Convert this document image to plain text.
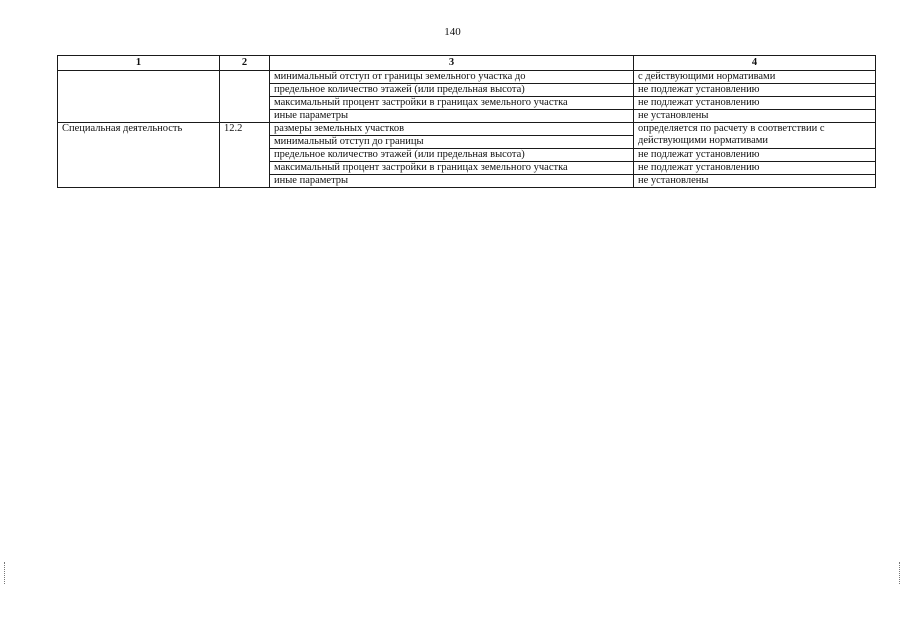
140
1	2	3	4
		минимальный отступ от границы земельного участка до	с действующими нормативами
		предельное количество этажей (или предельная высота)	не подлежат установлению
		максимальный процент застройки в границах земельного участка	не подлежат установлению
		иные параметры	не установлены
Специальная деятельность	12.2	размеры земельных участков	определяется по расчету в соответствии с действующими нормативами
		минимальный отступ до границы	
		предельное количество этажей (или предельная высота)	не подлежат установлению
		максимальный процент застройки в границах земельного участка	не подлежат установлению
		иные параметры	не установлены
